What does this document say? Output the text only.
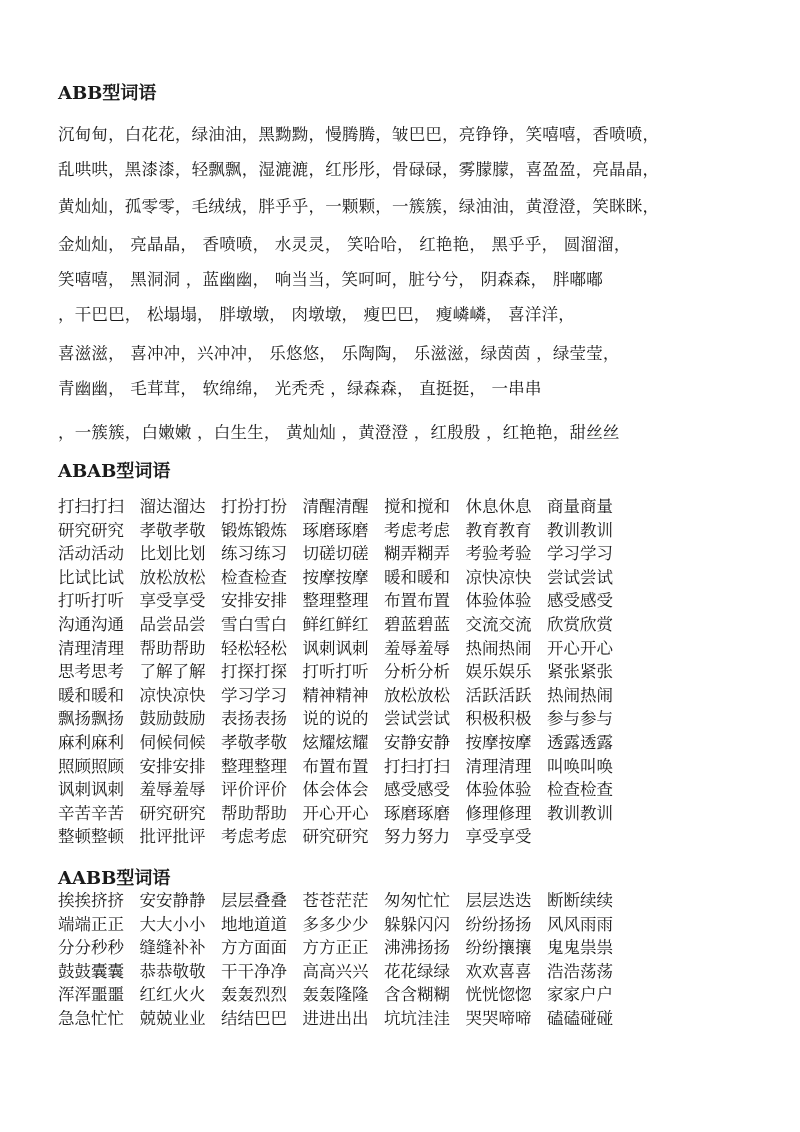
ABB型词语
沉甸甸，白花花，绿油油，黑黝黝，慢腾腾，皱巴巴，亮铮铮，笑嘻嘻，香喷喷，
乱哄哄，黑漆漆，轻飘飘，湿漉漉，红彤彤，骨碌碌，雾朦朦，喜盈盈，亮晶晶，
黄灿灿，孤零零，毛绒绒，胖乎乎，一颗颗，一簇簇，绿油油，黄澄澄，笑眯眯，
金灿灿， 亮晶晶， 香喷喷， 水灵灵， 笑哈哈， 红艳艳， 黑乎乎， 圆溜溜，
笑嘻嘻， 黑洞洞 ，蓝幽幽， 响当当，笑呵呵，脏兮兮， 阴森森， 胖嘟嘟
，干巴巴， 松塌塌， 胖墩墩， 肉墩墩， 瘦巴巴， 瘦嶙嶙， 喜洋洋，
喜滋滋， 喜冲冲，兴冲冲， 乐悠悠， 乐陶陶， 乐滋滋，绿茵茵 ，绿莹莹，
青幽幽， 毛茸茸， 软绵绵， 光秃秃 ，绿森森， 直挺挺， 一串串
，一簇簇，白嫩嫩 ，白生生， 黄灿灿 ，黄澄澄 ，红殷殷 ，红艳艳，甜丝丝
ABAB型词语
打扫打扫 溜达溜达 打扮打扮 清醒清醒 搅和搅和 休息休息 商量商量
研究研究 孝敬孝敬 锻炼锻炼 琢磨琢磨 考虑考虑 教育教育 教训教训
活动活动 比划比划 练习练习 切磋切磋 糊弄糊弄 考验考验 学习学习
比试比试 放松放松 检查检查 按摩按摩 暖和暖和 凉快凉快 尝试尝试
打听打听 享受享受 安排安排 整理整理 布置布置 体验体验 感受感受
沟通沟通 品尝品尝 雪白雪白 鲜红鲜红 碧蓝碧蓝 交流交流 欣赏欣赏
清理清理 帮助帮助 轻松轻松 讽刺讽刺 羞辱羞辱 热闹热闹 开心开心
思考思考 了解了解 打探打探 打听打听 分析分析 娱乐娱乐 紧张紧张
暖和暖和 凉快凉快 学习学习 精神精神 放松放松 活跃活跃 热闹热闹
飘扬飘扬 鼓励鼓励 表扬表扬 说的说的 尝试尝试 积极积极 参与参与
麻利麻利 伺候伺候 孝敬孝敬 炫耀炫耀 安静安静 按摩按摩 透露透露
照顾照顾 安排安排 整理整理 布置布置 打扫打扫 清理清理 叫唤叫唤
讽刺讽刺 羞辱羞辱 评价评价 体会体会 感受感受 体验体验 检查检查
辛苦辛苦 研究研究 帮助帮助 开心开心 琢磨琢磨 修理修理 教训教训
整顿整顿 批评批评 考虑考虑 研究研究 努力努力 享受享受
AABB型词语
挨挨挤挤 安安静静 层层叠叠 苍苍茫茫 匆匆忙忙 层层迭迭 断断续续
端端正正 大大小小 地地道道 多多少少 躲躲闪闪 纷纷扬扬 风风雨雨
分分秒秒 缝缝补补 方方面面 方方正正 沸沸扬扬 纷纷攘攘 鬼鬼祟祟
鼓鼓囊囊 恭恭敬敬 干干净净 高高兴兴 花花绿绿 欢欢喜喜 浩浩荡荡
浑浑噩噩 红红火火 轰轰烈烈 轰轰隆隆 含含糊糊 恍恍惚惚 家家户户
急急忙忙 兢兢业业 结结巴巴 进进出出 坑坑洼洼 哭哭啼啼 磕磕碰碰
